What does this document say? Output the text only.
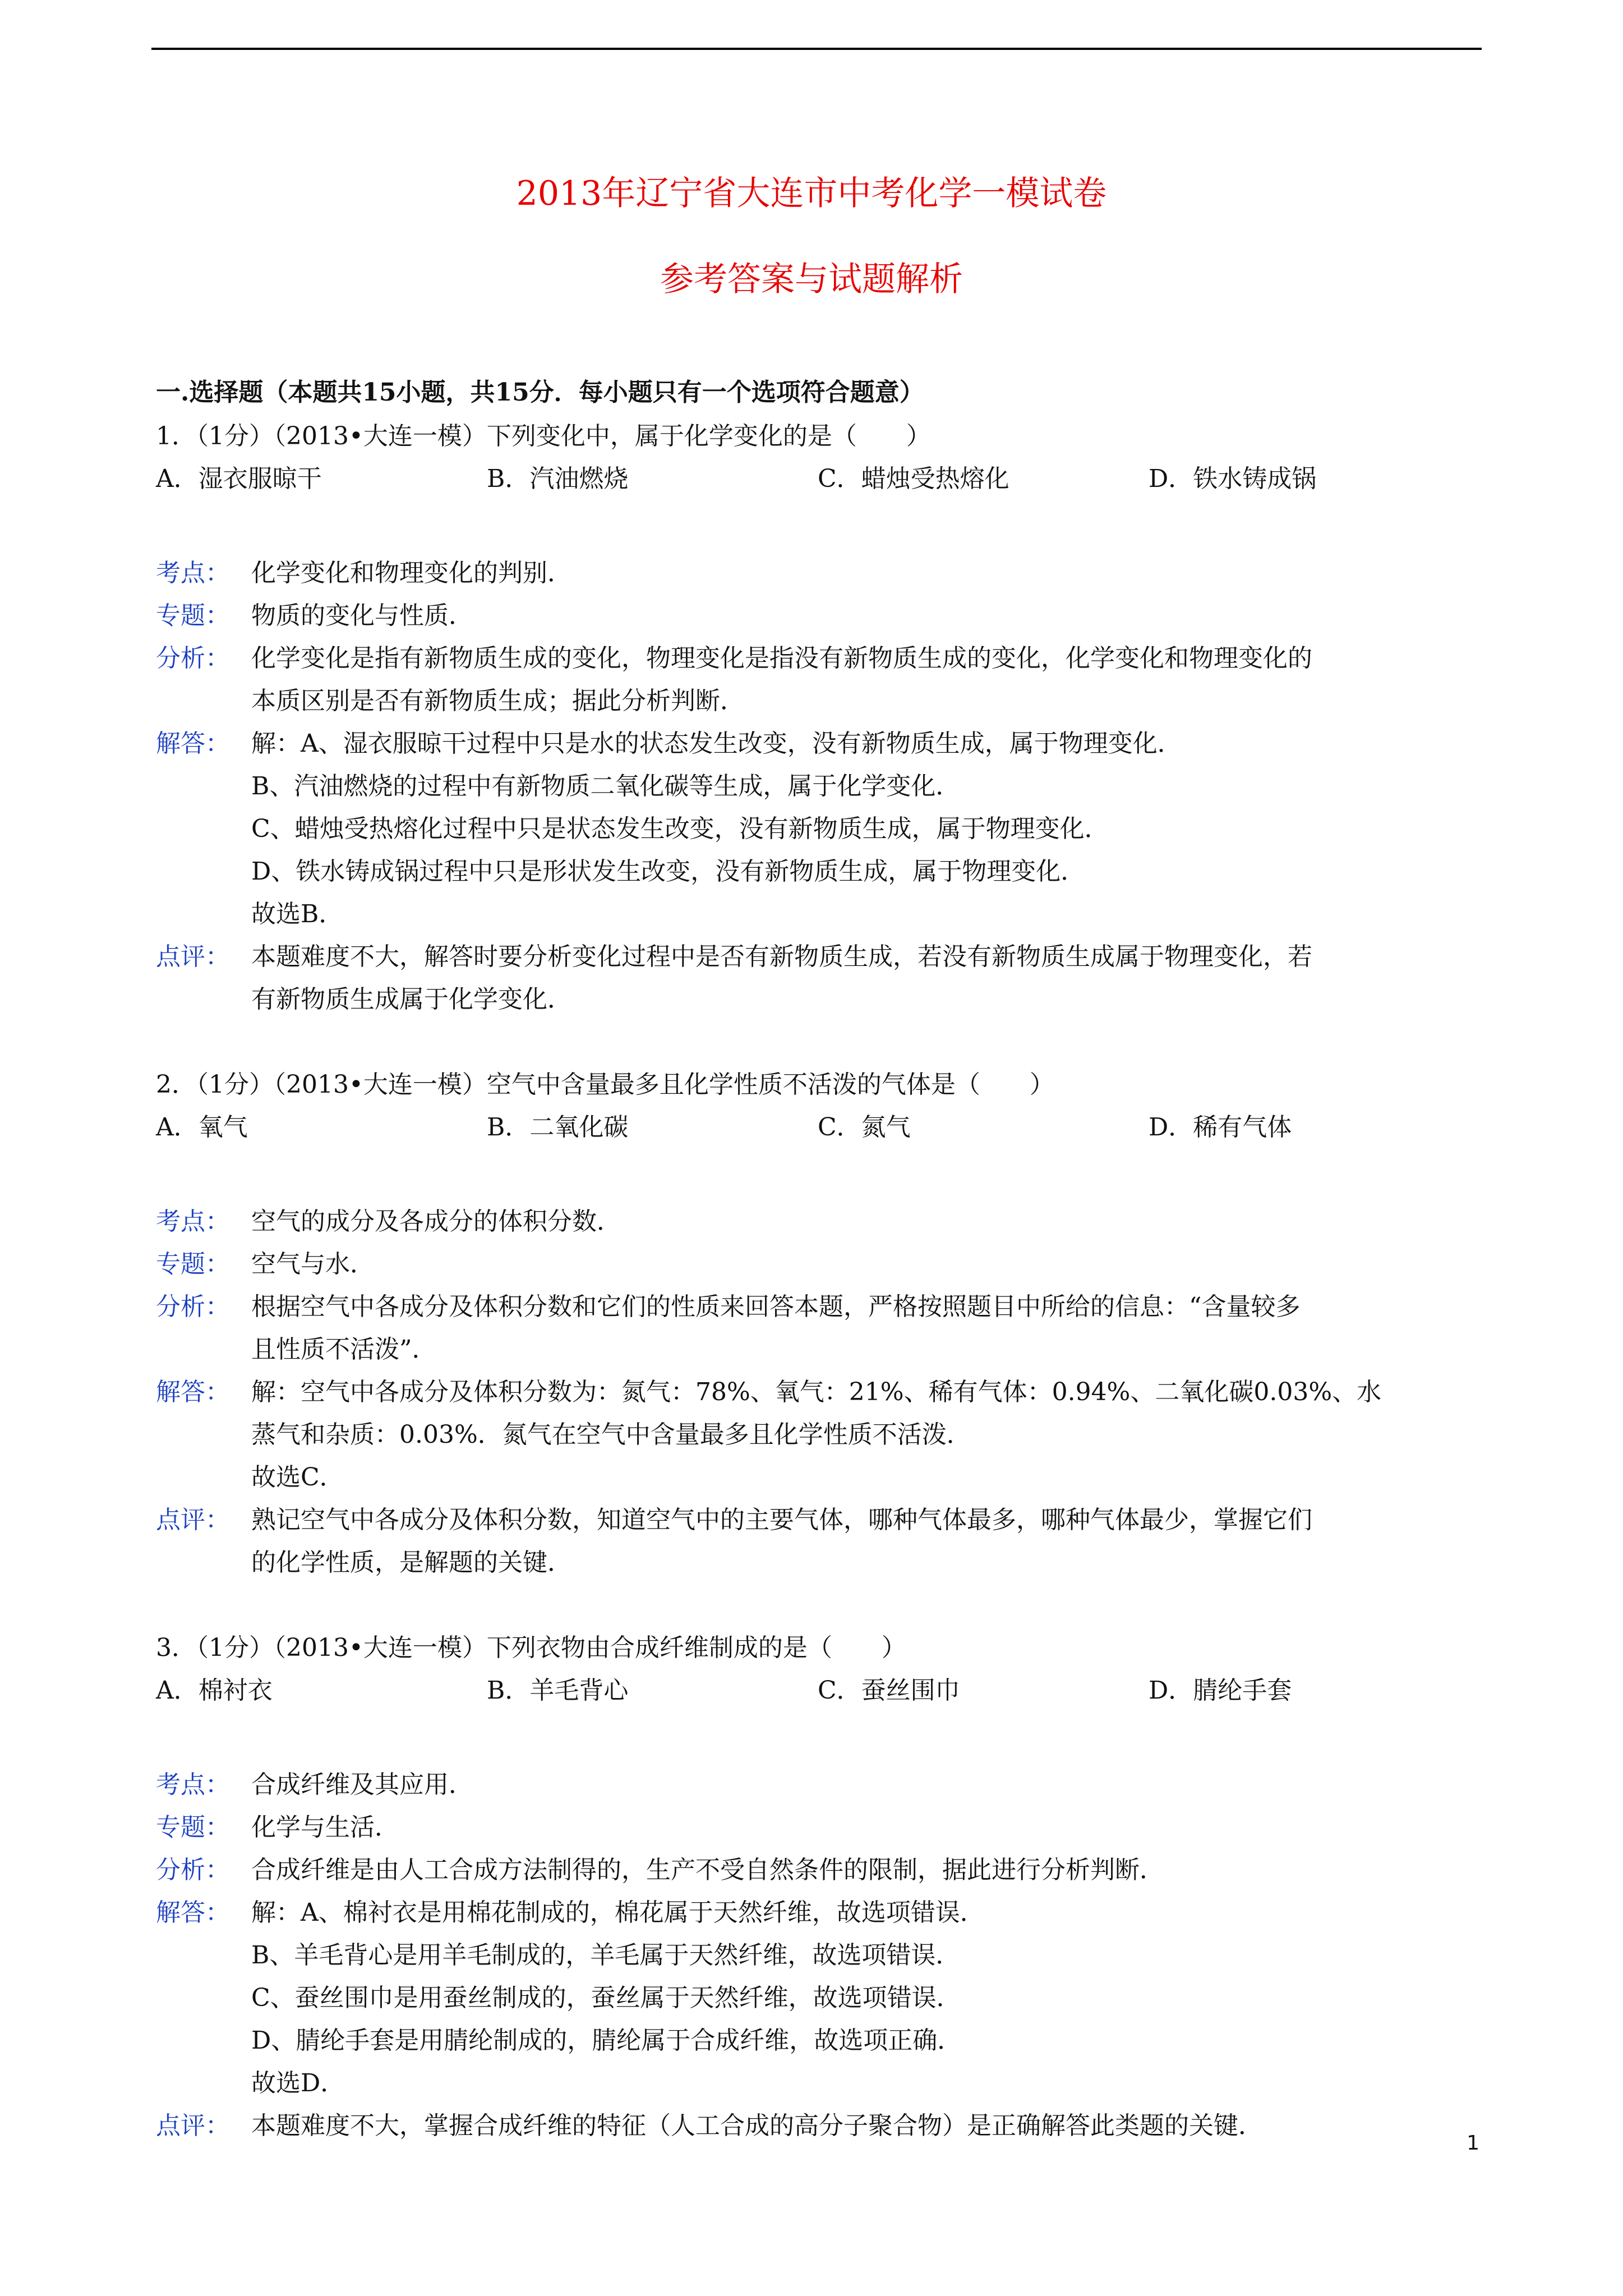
2013年辽宁省大连市中考化学一模试卷
参考答案与试题解析
一.选择题（本题共15小题，共15分．每小题只有一个选项符合题意）
1．（1分）（2013•大连一模）下列变化中，属于化学变化的是（　　）
A．湿衣服晾干	B．汽油燃烧	C．蜡烛受热熔化	D．铁水铸成锅
考点： 化学变化和物理变化的判别．
专题： 物质的变化与性质．
分析： 化学变化是指有新物质生成的变化，物理变化是指没有新物质生成的变化，化学变化和物理变化的
本质区别是否有新物质生成；据此分析判断．
解答： 解：A、湿衣服晾干过程中只是水的状态发生改变，没有新物质生成，属于物理变化．
B、汽油燃烧的过程中有新物质二氧化碳等生成，属于化学变化．
C、蜡烛受热熔化过程中只是状态发生改变，没有新物质生成，属于物理变化．
D、铁水铸成锅过程中只是形状发生改变，没有新物质生成，属于物理变化．
故选B．
点评： 本题难度不大，解答时要分析变化过程中是否有新物质生成，若没有新物质生成属于物理变化，若
有新物质生成属于化学变化．
2．（1分）（2013•大连一模）空气中含量最多且化学性质不活泼的气体是（　　）
A．氧气	B．二氧化碳	C．氮气	D．稀有气体
考点： 空气的成分及各成分的体积分数．
专题： 空气与水．
分析： 根据空气中各成分及体积分数和它们的性质来回答本题，严格按照题目中所给的信息：“含量较多
且性质不活泼”．
解答： 解：空气中各成分及体积分数为：氮气：78%、氧气：21%、稀有气体：0.94%、二氧化碳0.03%、水
蒸气和杂质：0.03%．氮气在空气中含量最多且化学性质不活泼．
故选C．
点评： 熟记空气中各成分及体积分数，知道空气中的主要气体，哪种气体最多，哪种气体最少，掌握它们
的化学性质，是解题的关键．
3．（1分）（2013•大连一模）下列衣物由合成纤维制成的是（　　）
A．棉衬衣	B．羊毛背心	C．蚕丝围巾	D．腈纶手套
考点： 合成纤维及其应用．
专题： 化学与生活．
分析： 合成纤维是由人工合成方法制得的，生产不受自然条件的限制，据此进行分析判断．
解答： 解：A、棉衬衣是用棉花制成的，棉花属于天然纤维，故选项错误．
B、羊毛背心是用羊毛制成的，羊毛属于天然纤维，故选项错误．
C、蚕丝围巾是用蚕丝制成的，蚕丝属于天然纤维，故选项错误．
D、腈纶手套是用腈纶制成的，腈纶属于合成纤维，故选项正确．
故选D．
点评： 本题难度不大，掌握合成纤维的特征（人工合成的高分子聚合物）是正确解答此类题的关键．
1
